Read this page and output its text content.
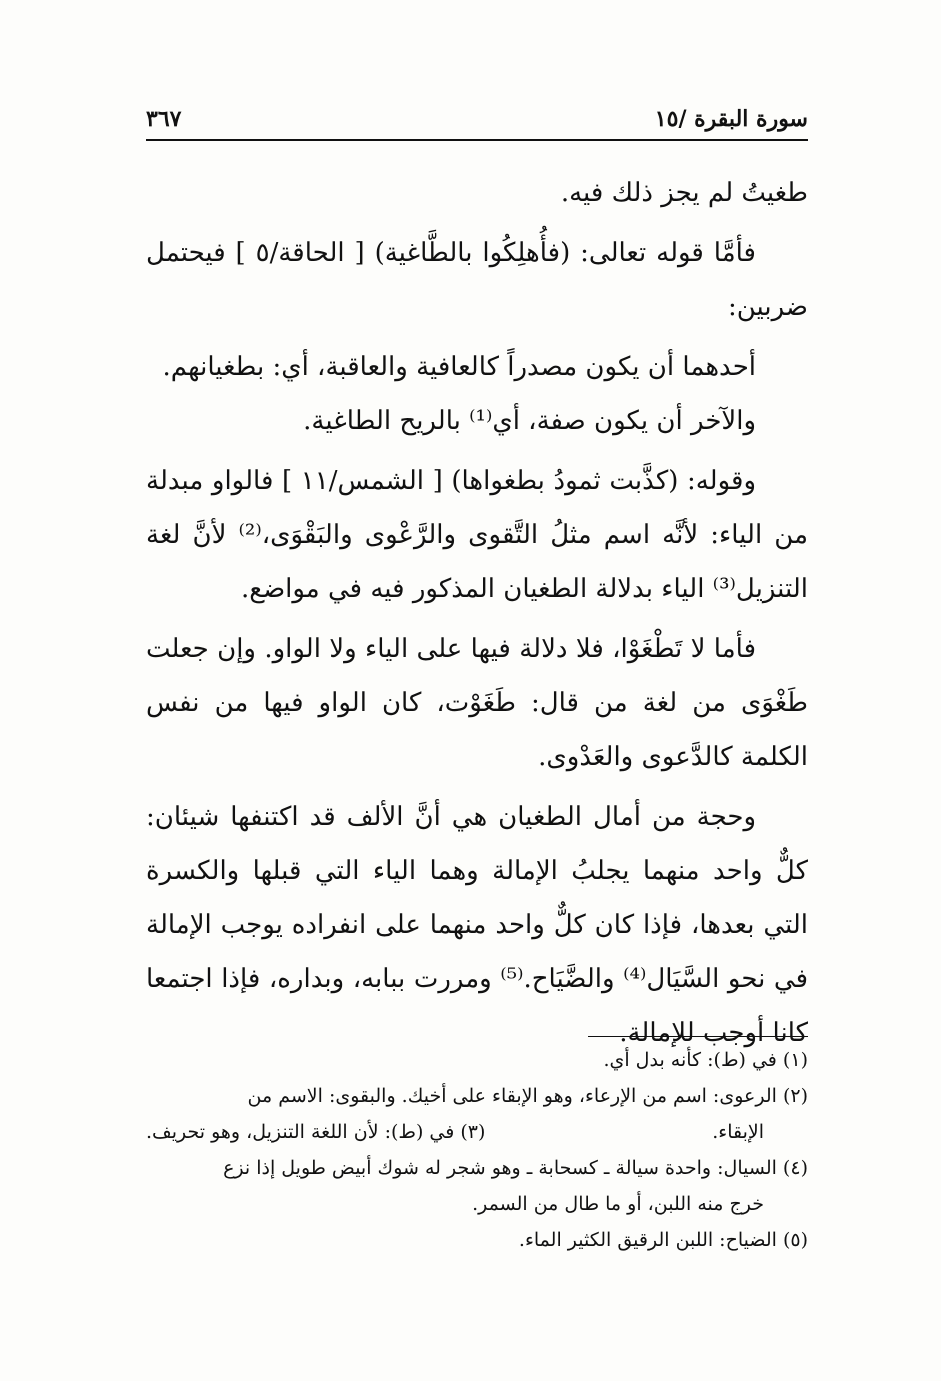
سورة البقرة /١٥
٣٦٧

طغيتُ لم يجز ذلك فيه.

فأمَّا قوله تعالى: (فأُهلِكُوا بالطَّاغية) [ الحاقة/٥ ] فيحتمل ضربين:

أحدهما أن يكون مصدراً كالعافية والعاقبة، أي: بطغيانهم.

والآخر أن يكون صفة، أي⁽¹⁾ بالريح الطاغية.

وقوله: (كذَّبت ثمودُ بطغواها) [ الشمس/١١ ] فالواو مبدلة من الياء: لأنَّه اسم مثلُ التَّقوى والرَّعْوى والبَقْوَى،⁽²⁾ لأنَّ لغة التنزيل⁽³⁾ الياء بدلالة الطغيان المذكور فيه في مواضع.

فأما لا تَطْغَوْا، فلا دلالة فيها على الياء ولا الواو. وإن جعلت طَغْوَى من لغة من قال: طَغَوْت، كان الواو فيها من نفس الكلمة كالدَّعوى والعَدْوى.

وحجة من أمال الطغيان هي أنَّ الألف قد اكتنفها شيئان: كلٌّ واحد منهما يجلبُ الإمالة وهما الياء التي قبلها والكسرة التي بعدها، فإذا كان كلٌّ واحد منهما على انفراده يوجب الإمالة في نحو السَّيَال⁽⁴⁾ والضَّيَاح.⁽⁵⁾ ومررت ببابه، وبداره، فإذا اجتمعا كانا أوجب للإمالة.

(١) في (ط): كأنه بدل أي.

(٢) الرعوى: اسم من الإرعاء، وهو الإبقاء على أخيك. والبقوى: الاسم من

الإبقاء.
(٣) في (ط): لأن اللغة التنزيل، وهو تحريف.

(٤) السيال: واحدة سيالة ـ كسحابة ـ وهو شجر له شوك أبيض طويل إذا نزع

خرج منه اللبن، أو ما طال من السمر.

(٥) الضياح: اللبن الرقيق الكثير الماء.
